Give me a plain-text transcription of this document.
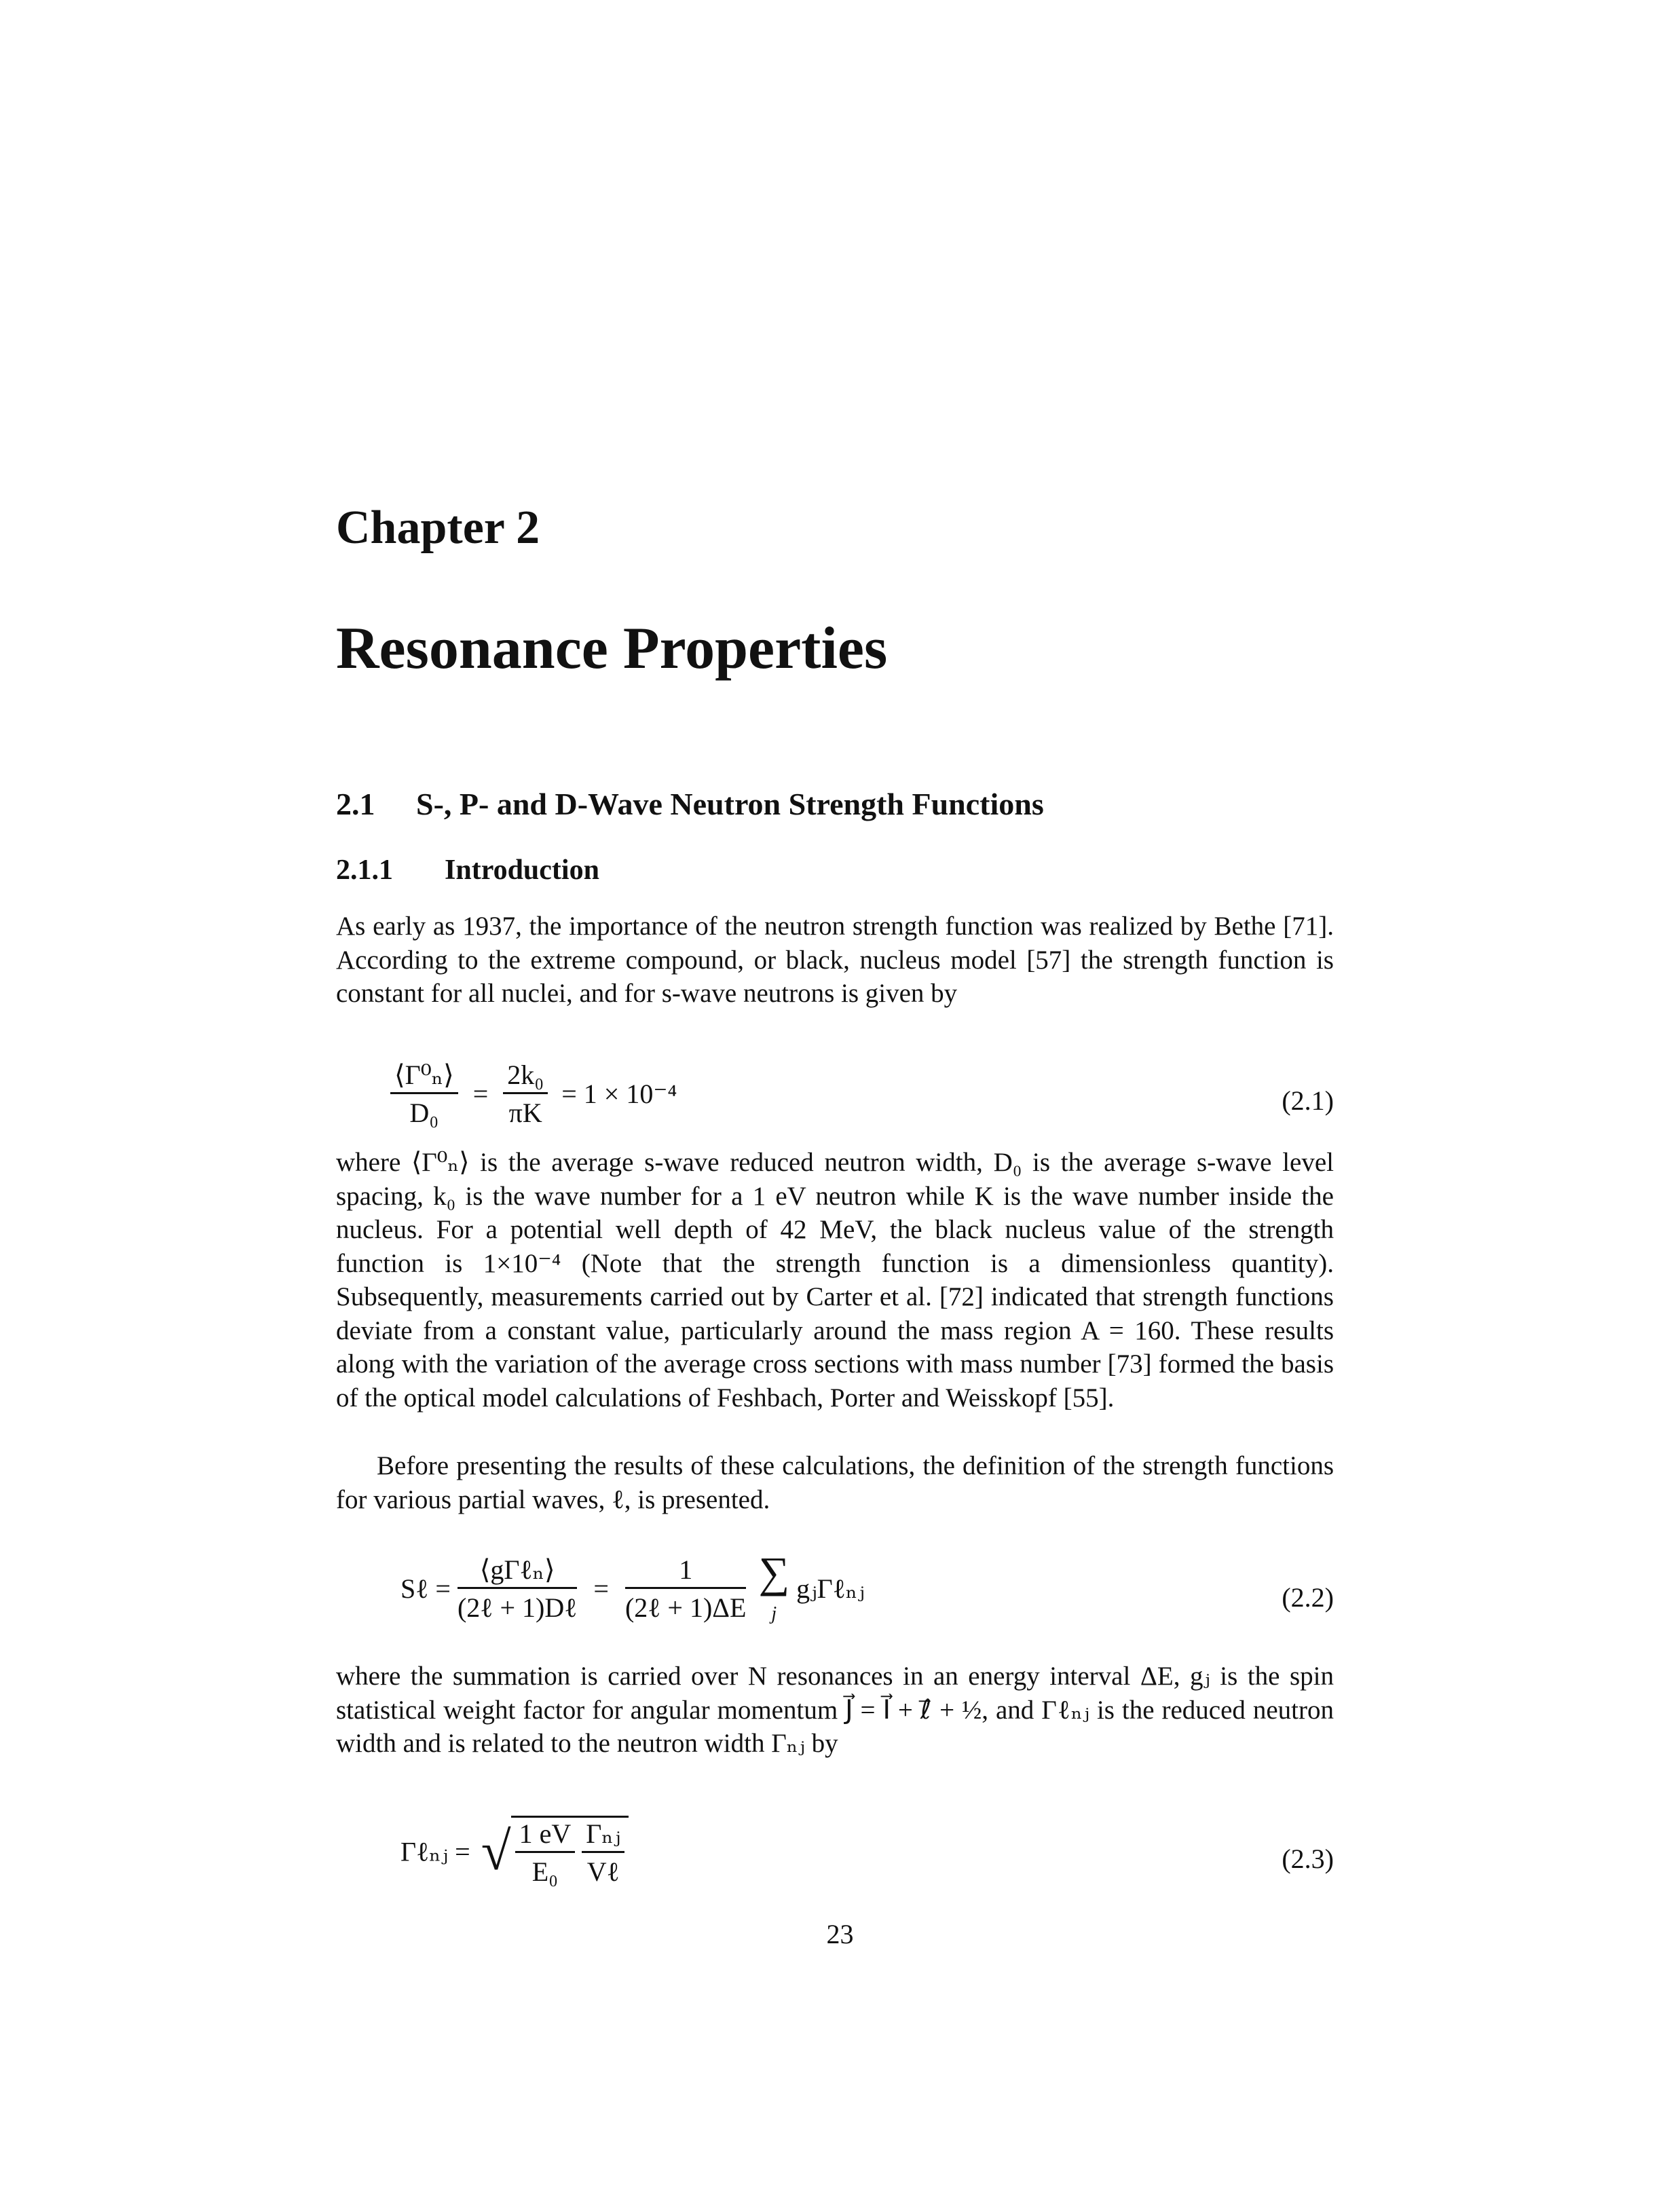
Chapter 2
Resonance Properties
2.1 S-, P- and D-Wave Neutron Strength Functions
2.1.1 Introduction
As early as 1937, the importance of the neutron strength function was realized by Bethe [71]. According to the extreme compound, or black, nucleus model [57] the strength function is constant for all nuclei, and for s-wave neutrons is given by
$\frac{\text{⟨Γ⁰ₙ⟩}}{\text{D₀}} = \frac{\text{2k₀}}{\pi K} = 1 \times 10^{-4}$	(2.1)
where ⟨Γ⁰ₙ⟩ is the average s-wave reduced neutron width, D₀ is the average s-wave level spacing, k₀ is the wave number for a 1 eV neutron while K is the wave number inside the nucleus. For a potential well depth of 42 MeV, the black nucleus value of the strength function is 1×10⁻⁴ (Note that the strength function is a dimensionless quantity). Subsequently, measurements carried out by Carter et al. [72] indicated that strength functions deviate from a constant value, particularly around the mass region A = 160. These results along with the variation of the average cross sections with mass number [73] formed the basis of the optical model calculations of Feshbach, Porter and Weisskopf [55].
Before presenting the results of these calculations, the definition of the strength functions for various partial waves, ℓ, is presented.
Sℓ = $\frac{\text{⟨gΓℓₙ⟩}}{\text{(2ℓ + 1)Dℓ}} = \frac{1}{\text{(2ℓ + 1)ΔE}}$ ∑
j gⱼΓℓₙⱼ	(2.2)
where the summation is carried over N resonances in an energy interval ΔE, gⱼ is the spin statistical weight factor for angular momentum J⃗ = I⃗ + ℓ⃗ + ½, and Γℓₙⱼ is the reduced neutron width and is related to the neutron width Γₙⱼ by
Γℓₙⱼ = √ $\frac{1 eV}{\text{E₀}}$
$\frac{\text{Γₙⱼ}}{\text{Vℓ}}$	(2.3)
23
